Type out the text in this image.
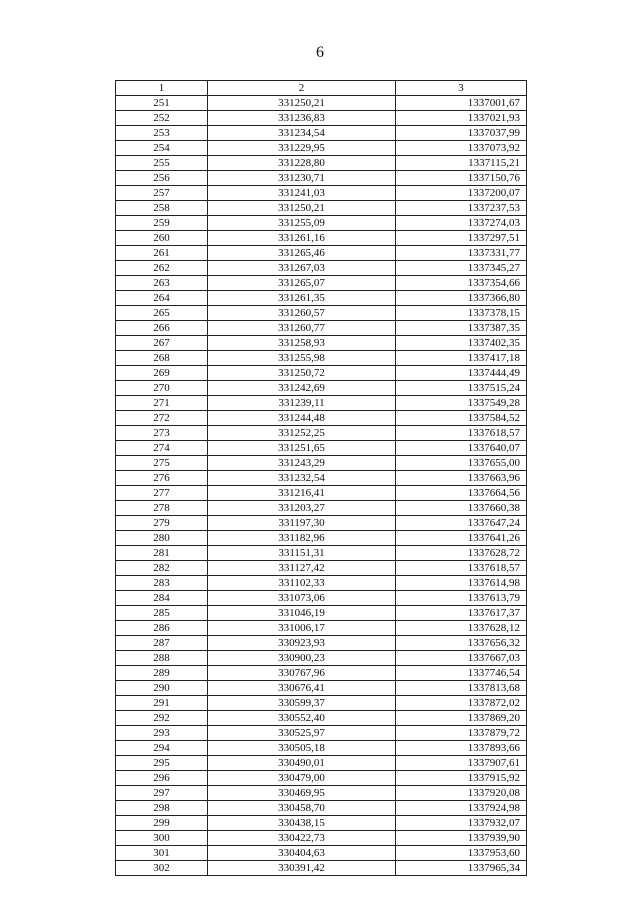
6
1	2	3
251	331250,21	1337001,67
252	331236,83	1337021,93
253	331234,54	1337037,99
254	331229,95	1337073,92
255	331228,80	1337115,21
256	331230,71	1337150,76
257	331241,03	1337200,07
258	331250,21	1337237,53
259	331255,09	1337274,03
260	331261,16	1337297,51
261	331265,46	1337331,77
262	331267,03	1337345,27
263	331265,07	1337354,66
264	331261,35	1337366,80
265	331260,57	1337378,15
266	331260,77	1337387,35
267	331258,93	1337402,35
268	331255,98	1337417,18
269	331250,72	1337444,49
270	331242,69	1337515,24
271	331239,11	1337549,28
272	331244,48	1337584,52
273	331252,25	1337618,57
274	331251,65	1337640,07
275	331243,29	1337655,00
276	331232,54	1337663,96
277	331216,41	1337664,56
278	331203,27	1337660,38
279	331197,30	1337647,24
280	331182,96	1337641,26
281	331151,31	1337628,72
282	331127,42	1337618,57
283	331102,33	1337614,98
284	331073,06	1337613,79
285	331046,19	1337617,37
286	331006,17	1337628,12
287	330923,93	1337656,32
288	330900,23	1337667,03
289	330767,96	1337746,54
290	330676,41	1337813,68
291	330599,37	1337872,02
292	330552,40	1337869,20
293	330525,97	1337879,72
294	330505,18	1337893,66
295	330490,01	1337907,61
296	330479,00	1337915,92
297	330469,95	1337920,08
298	330458,70	1337924,98
299	330438,15	1337932,07
300	330422,73	1337939,90
301	330404,63	1337953,60
302	330391,42	1337965,34
